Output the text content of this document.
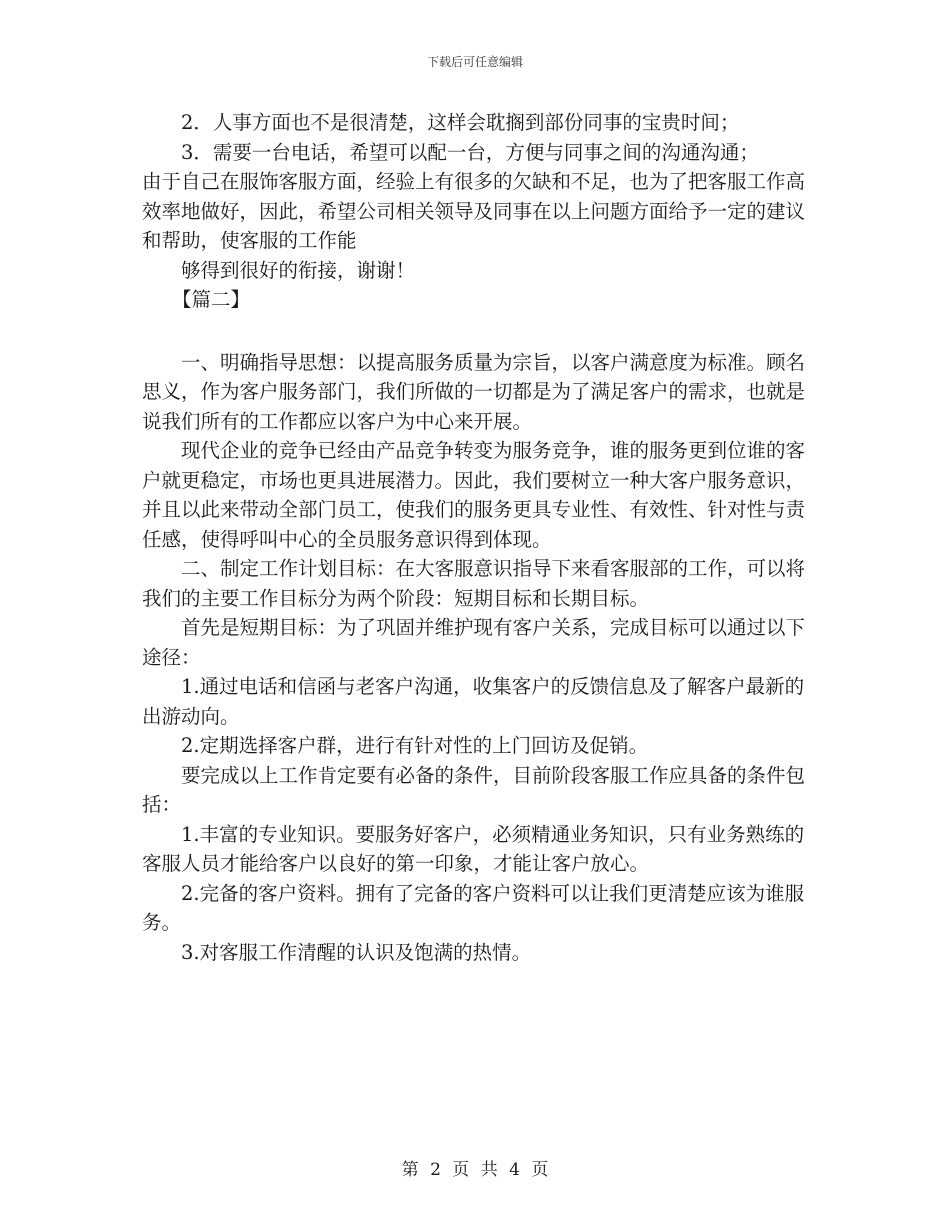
下载后可任意编辑

2．人事方面也不是很清楚，这样会耽搁到部份同事的宝贵时间；

3．需要一台电话，希望可以配一台，方便与同事之间的沟通沟通；

由于自己在服饰客服方面，经验上有很多的欠缺和不足，也为了把客服工作高效率地做好，因此，希望公司相关领导及同事在以上问题方面给予一定的建议和帮助，使客服的工作能

够得到很好的衔接，谢谢！

【篇二】

一、明确指导思想：以提高服务质量为宗旨，以客户满意度为标准。顾名思义，作为客户服务部门，我们所做的一切都是为了满足客户的需求，也就是说我们所有的工作都应以客户为中心来开展。

现代企业的竞争已经由产品竞争转变为服务竞争，谁的服务更到位谁的客户就更稳定，市场也更具进展潜力。因此，我们要树立一种大客户服务意识，并且以此来带动全部门员工，使我们的服务更具专业性、有效性、针对性与责任感，使得呼叫中心的全员服务意识得到体现。

二、制定工作计划目标：在大客服意识指导下来看客服部的工作，可以将我们的主要工作目标分为两个阶段：短期目标和长期目标。

首先是短期目标：为了巩固并维护现有客户关系，完成目标可以通过以下途径：

1.通过电话和信函与老客户沟通，收集客户的反馈信息及了解客户最新的出游动向。

2.定期选择客户群，进行有针对性的上门回访及促销。

要完成以上工作肯定要有必备的条件，目前阶段客服工作应具备的条件包括：

1.丰富的专业知识。要服务好客户，必须精通业务知识，只有业务熟练的客服人员才能给客户以良好的第一印象，才能让客户放心。

2.完备的客户资料。拥有了完备的客户资料可以让我们更清楚应该为谁服务。

3.对客服工作清醒的认识及饱满的热情。

第 2 页 共 4 页
